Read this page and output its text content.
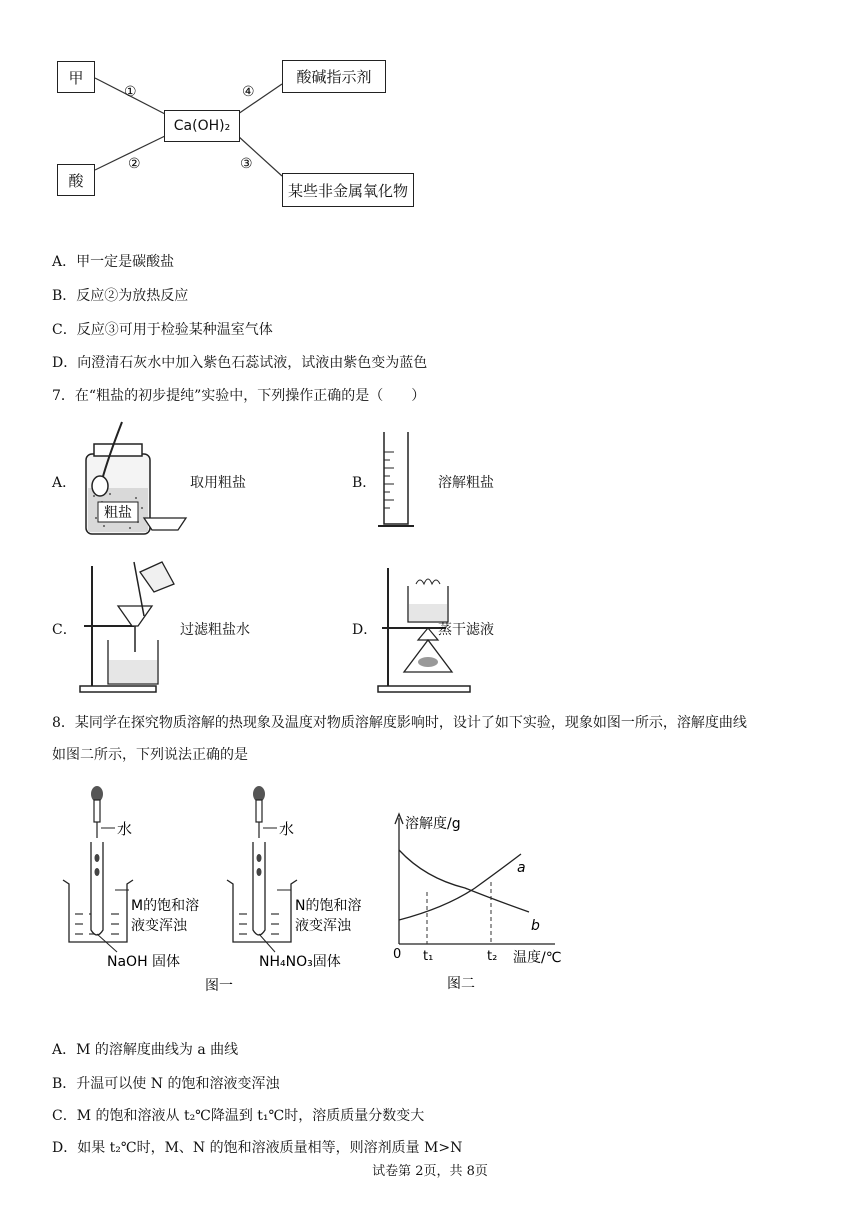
甲
酸
Ca(OH)₂
酸碱指示剂
某些非金属氧化物
①
②	③
④
A．甲一定是碳酸盐
B．反应②为放热反应
C．反应③可用于检验某种温室气体
D．向澄清石灰水中加入紫色石蕊试液，试液由紫色变为蓝色
7．在“粗盐的初步提纯”实验中，下列操作正确的是（　　）
A．
粗盐
取用粗盐	B．	溶解粗盐
C．	过滤粗盐水	D．	蒸干滤液
8．某同学在探究物质溶解的热现象及温度对物质溶解度影响时，设计了如下实验，现象如图一所示，溶解度曲线
如图二所示，下列说法正确的是
水
M的饱和溶
液变浑浊
NaOH 固体
水
N的饱和溶
液变浑浊
NH₄NO₃固体
图一
溶解度/g
温度/℃
0 t₁	t₂
a
b
图二
A．M 的溶解度曲线为 a 曲线
B．升温可以使 N 的饱和溶液变浑浊
C．M 的饱和溶液从 t₂℃降温到 t₁℃时，溶质质量分数变大
D．如果 t₂℃时，M、N 的饱和溶液质量相等，则溶剂质量 M>N
试卷第 2页，共 8页
